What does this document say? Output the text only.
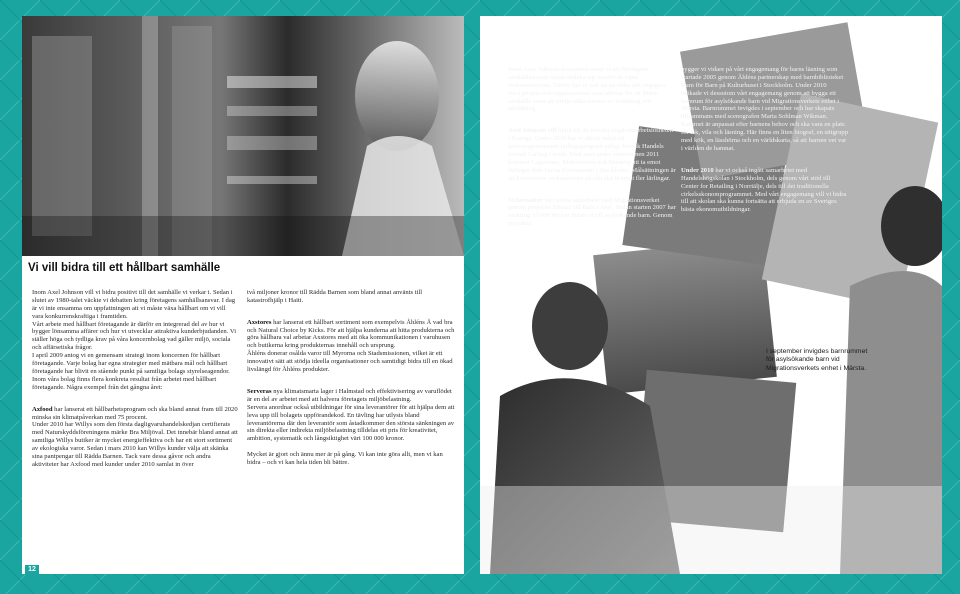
Vi vill bidra till ett hållbart samhälle

Inom Axel Johnson vill vi bidra positivt till det samhälle vi verkar i. Sedan i slutet av 1980-talet väckte vi debatten kring företagens samhällsansvar. I dag är vi inte ensamma om uppfattningen att vi måste växa hållbart om vi vill vara konkurrenskraftiga i framtiden.
Vårt arbete med hållbart företagande är därför en integrerad del av hur vi bygger lönsamma affärer och hur vi utvecklar attraktiva kunderbjudanden. Vi ställer höga och tydliga krav på våra koncernbolag vad gäller miljö, sociala och affärsetiska frågor.
I april 2009 antog vi en gemensam strategi inom koncernen för hållbart företagande. Varje bolag har egna strategier med mätbara mål och hållbart företagande har blivit en stående punkt på samtliga bolags styrelseagendor.
Inom våra bolag finns flera konkreta resultat från arbetet med hållbart företagande. Några exempel från det gångna året:

Axfood har lanserat ett hållbarhetsprogram och ska bland annat fram till 2020 minska sin klimatpåverkan med 75 procent.
Under 2010 har Willys som den första dagligvaruhandelskedjan certifierats med Naturskyddsföreningens märke Bra Miljöval. Det innebär bland annat att samtliga Willys butiker är mycket energieffektiva och har ett stort sortiment av ekologiska varor. Sedan i mars 2010 kan Willys kunder välja att skänka sina pantpengar till Rädda Barnen. Tack vare dessa gåvor och andra aktiviteter har Axfood med kunder under 2010 samlat in över

två miljoner kronor till Rädda Barnen som bland annat använts till katastrofhjälp i Haiti.

Axstores har lanserat ett hållbart sortiment som exempelvis Åhléns Å vad bra och Natural Choice by Kicks. För att hjälpa kunderna att hitta produkterna och göra hållbara val arbetar Axstores med att öka kommunikationen i varuhusen och butikerna kring produkternas innehåll och ursprung.
Åhléns donerar osålda varor till Myrorna och Stadsmissionen, vilket är ett innovativt sätt att stödja ideella organisationer och samtidigt bidra till en ökad livslängd för Åhléns produkter.

Serveras nya klimatsmarta lager i Halmstad och effektivisering av varuflödet är en del av arbetet med att halvera företagets miljöbelastning.
Servera anordnar också utbildningar för sina leverantörer för att hjälpa dem att leva upp till bolagets uppförandekod. En tävling har utlysts bland leverantörerna där den leverantör som åstadkommer den största sänkningen av sin direkta eller indirekta miljöbelastning tilldelas ett pris för kreativitet, ambition, systematik och långsiktighet värt 100 000 kronor.

Mycket är gjort och ännu mer är på gång. Vi kan inte göra allt, men vi kan bidra – och vi kan hela tiden bli bättre.

12
Vårt samhällsengagemang

Inom Axel Johnson-koncernen anser vi att företagens samhällsansvar måste sträcka sig utanför de egna verksamheterna. Därför har vi valt att på olika sätt engagera oss i projekt och organisationer som arbetar för ett bättre samhälle samt att stödja olika former av forskning och utbildning.

Axel Johnson vill bidra till att minska ungdomsarbetslösheten i Sverige. Under 2010 har vi därför inlett ett koncerngemensamt lärlingsprogram enligt Svensk Handels modell Lärling i butik. Med start under vårterminen 2011 kommer Lagerhaus, Mekonomen och Bemköp att ta emot lärlingar från Farsta Gymnasium i Stockholm. Målsättningen är att koncernens verksamheter på sikt ska ta emot fler lärlingar.

Vi fortsätter vårt unika samarbete med Migrationsverket genom projektet Böcker till Barn i Asyl. Sedan starten 2007 har omkring 10 000 böcker delats ut till asylsökande barn. Genom projektet

bygger vi vidare på vårt engagemang för barns läsning som startade 2005 genom Åhléns partnerskap med barnbiblioteket Rum för Barn på Kulturhuset i Stockholm. Under 2010 utökade vi dessutom vårt engagemang genom att bygga ett barnrum för asylsökande barn vid Migrationsverkets enhet i Märsta. Barnrummet invigdes i september och har skapats tillsammans med scenografen Marta Sohlman Wikman. Rummet är anpassat efter barnens behov och ska vara en plats för lek, vila och läsning. Här finns en liten biograf, en sittgrupp med kök, en lässhörna och en världskarta, så att barnen vet var i världen de hamnat.

Under 2010 har vi också ingått samarbetet med Handelshögskolan i Stockholm, dels genom vårt stöd till Center for Retailing i Norrtälje, dels till det traditionella cirkelsskonomprogrammet. Med vårt engagemang vill vi bidra till att skolan ska kunna fortsätta att erbjuda en av Sveriges bästa ekonomutbildningar.

I september invigdes barnrummet för asylsökande barn vid Migrationsverkets enhet i Märsta.
